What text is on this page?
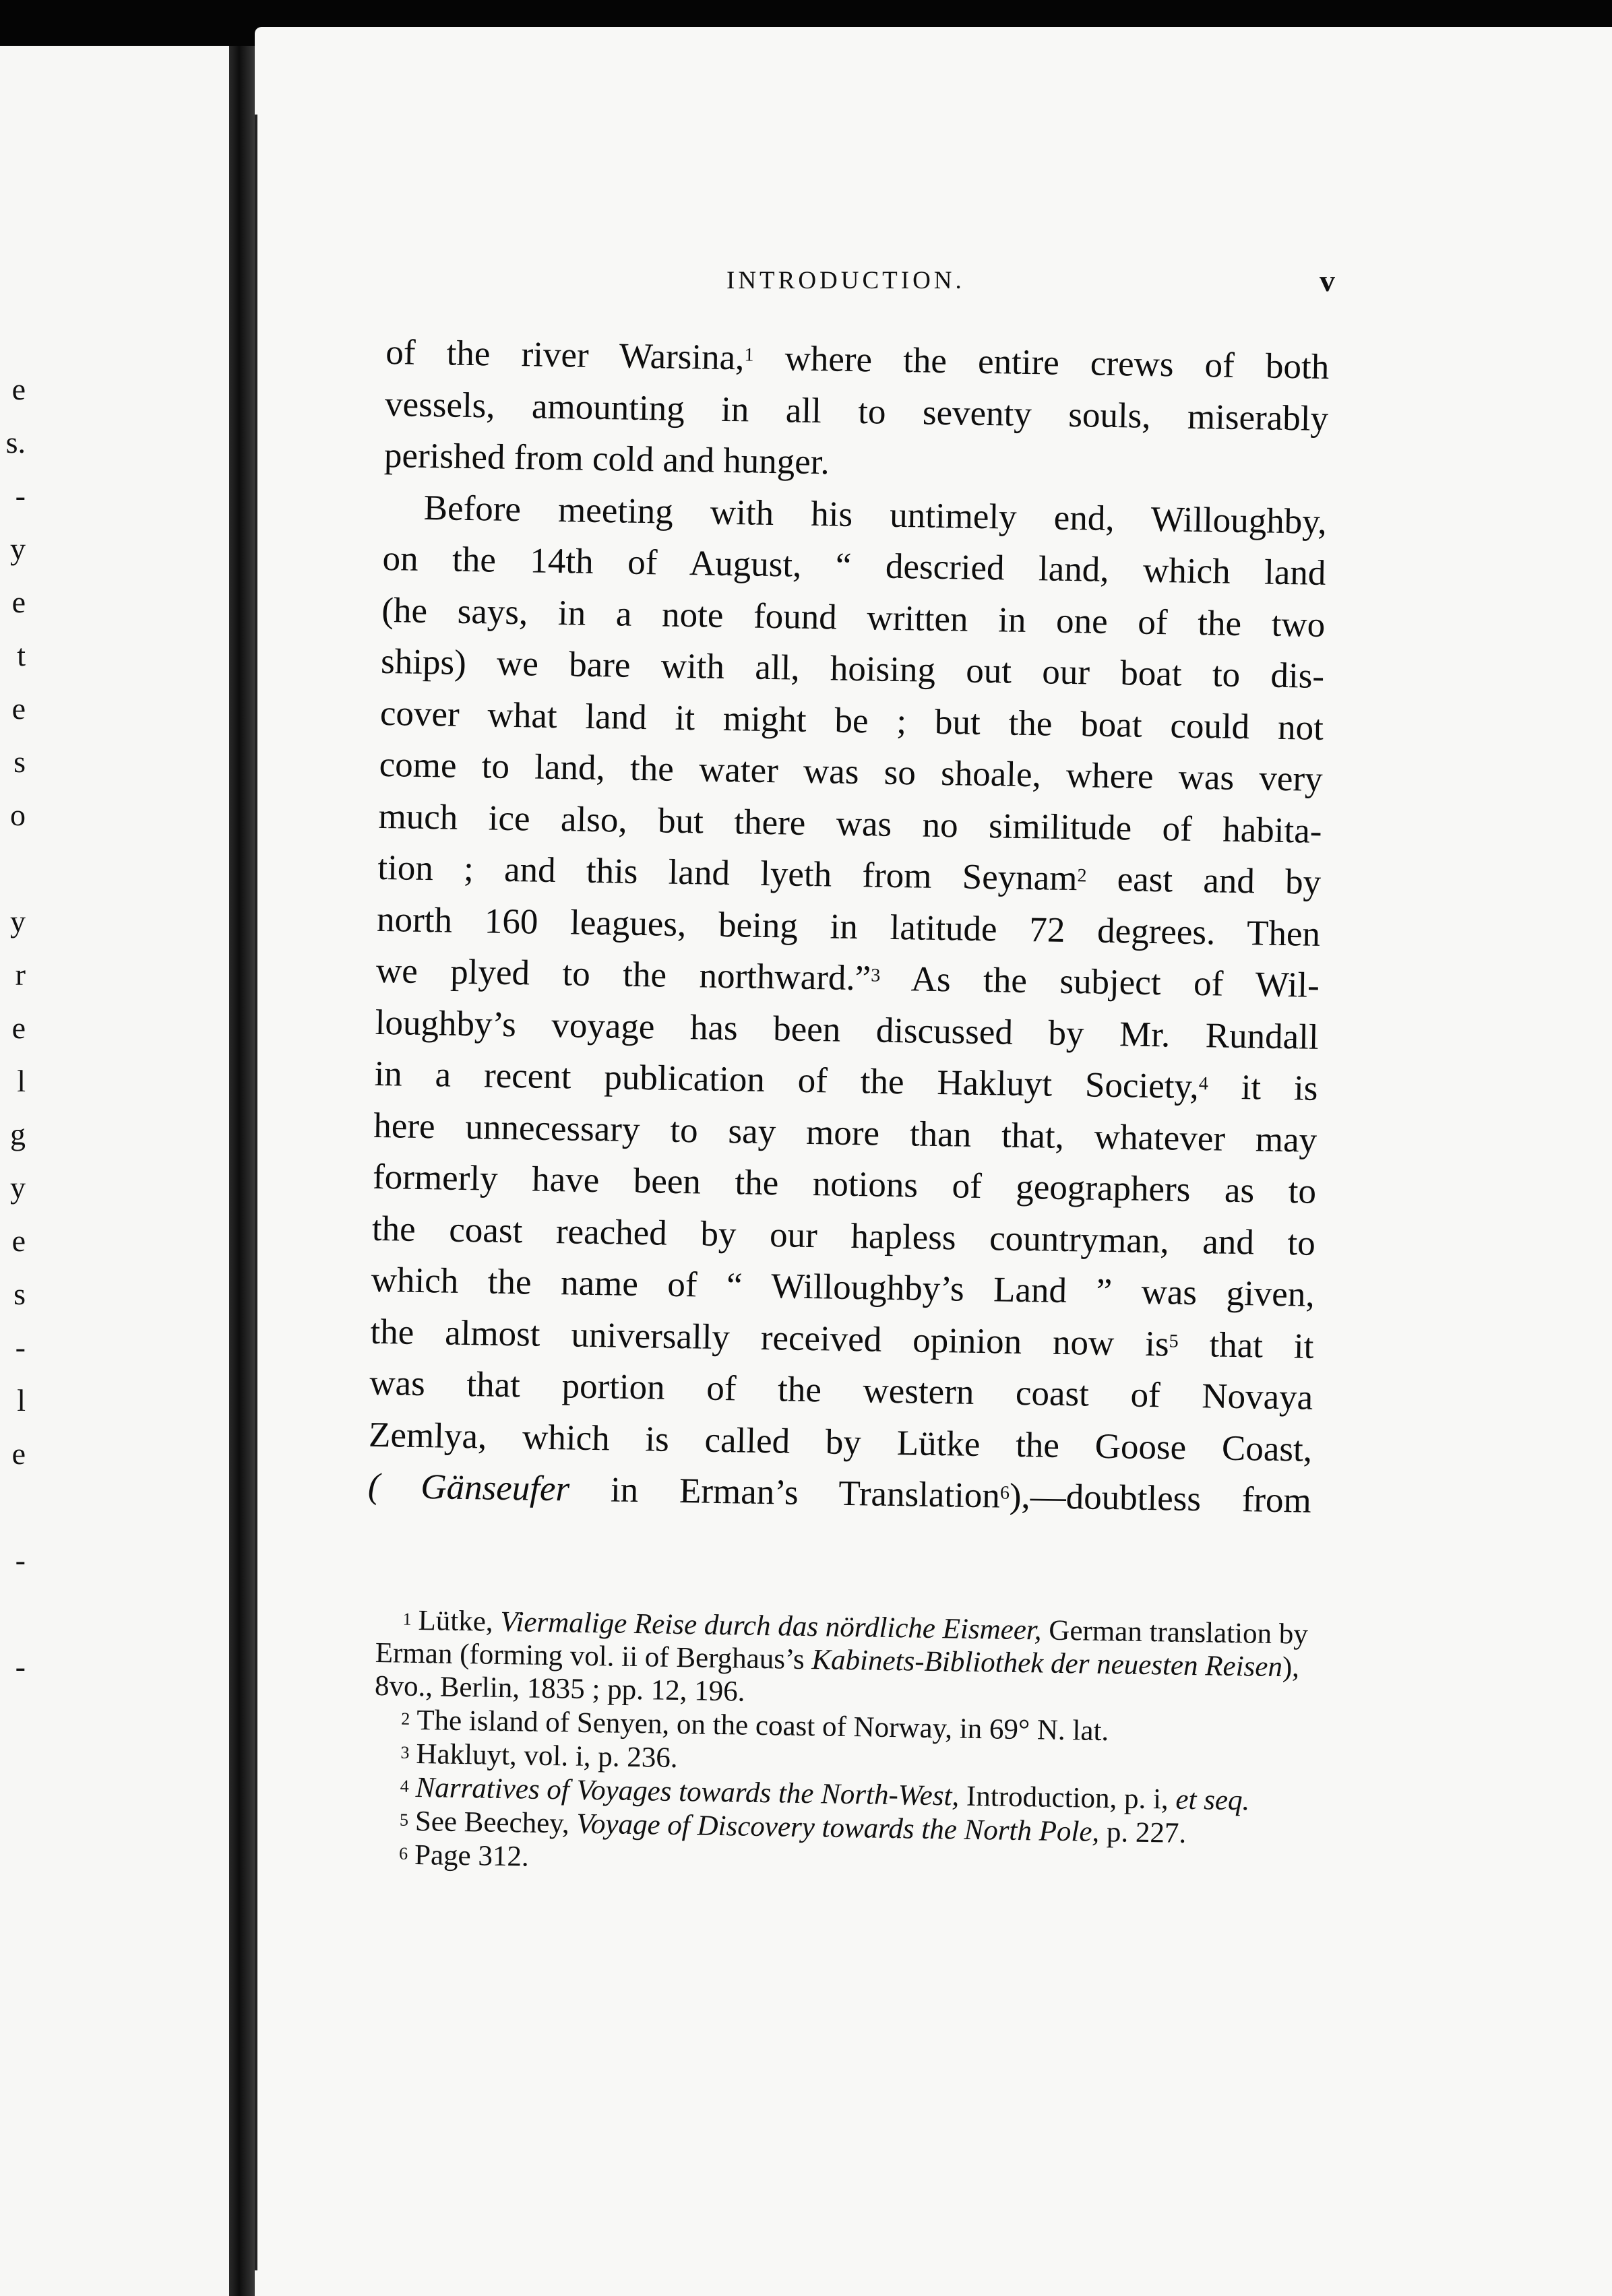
e
s.
-
y
e
t
e
s
o
y
r
e
l
g
y
e
s
-
l
e
-
-
INTRODUCTION.	v
of the river Warsina,$^1$ where the entire crews of both
vessels, amounting in all to seventy souls, miserably
perished from cold and hunger.
Before meeting with his untimely end, Willoughby,
on the 14th of August, “ descried land, which land
(he says, in a note found written in one of the two
ships) we bare with all, hoising out our boat to dis-
cover what land it might be ; but the boat could not
come to land, the water was so shoale, where was very
much ice also, but there was no similitude of habita-
tion ; and this land lyeth from Seynam$^2$ east and by
north 160 leagues, being in latitude 72 degrees. Then
we plyed to the northward.”$^3$ As the subject of Wil-
loughby’s voyage has been discussed by Mr. Rundall
in a recent publication of the Hakluyt Society,$^4$ it is
here unnecessary to say more than that, whatever may
formerly have been the notions of geographers as to
the coast reached by our hapless countryman, and to
which the name of “ Willoughby’s Land ” was given,
the almost universally received opinion now $is^5$ that it
was that portion of the western coast of Novaya
Zemlya, which is called by Lütke the Goose Coast,
( Gänseufer in Erman’s Translation$^6$),—doubtless from

$^1$ Lütke, Viermalige Reise durch das nördliche Eismeer, German translation by Erman (forming vol. ii of Berghaus’s Kabinets-Bibliothek der neuesten Reisen), 8vo., Berlin, 1835 ; pp. 12, 196.

$^2$ The island of Senyen, on the coast of Norway, in 69° N. lat.

$^3$ Hakluyt, vol. i, p. 236.

$^4$ Narratives of Voyages towards the North-West, Introduction, p. i, et seq.

$^5$ See Beechey, Voyage of Discovery towards the North Pole, p. 227.

$^6$ Page 312.
